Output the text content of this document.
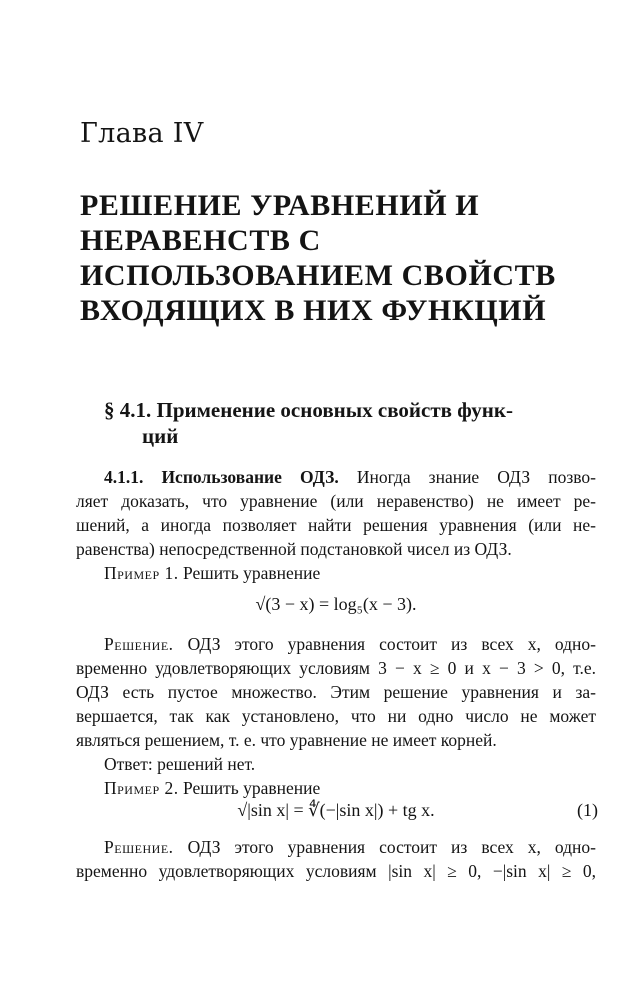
Глава IV
РЕШЕНИЕ УРАВНЕНИЙ И
НЕРАВЕНСТВ С
ИСПОЛЬЗОВАНИЕМ СВОЙСТВ
ВХОДЯЩИХ В НИХ ФУНКЦИЙ
§ 4.1. Применение основных свойств функ-
ций
4.1.1. Использование ОДЗ. Иногда знание ОДЗ позво-
ляет доказать, что уравнение (или неравенство) не имеет ре-
шений, а иногда позволяет найти решения уравнения (или не-
равенства) непосредственной подстановкой чисел из ОДЗ.
Пример 1. Решить уравнение
√(3 − x) = log₅(x − 3).
Решение. ОДЗ этого уравнения состоит из всех x, одно-
временно удовлетворяющих условиям 3 − x ≥ 0 и x − 3 > 0, т.е.
ОДЗ есть пустое множество. Этим решение уравнения и за-
вершается, так как установлено, что ни одно число не может
являться решением, т. е. что уравнение не имеет корней.
Ответ: решений нет.
Пример 2. Решить уравнение
√|sin x| = ∜(−|sin x|) + tg x.	(1)
Решение. ОДЗ этого уравнения состоит из всех x, одно-
временно удовлетворяющих условиям |sin x| ≥ 0, −|sin x| ≥ 0,
